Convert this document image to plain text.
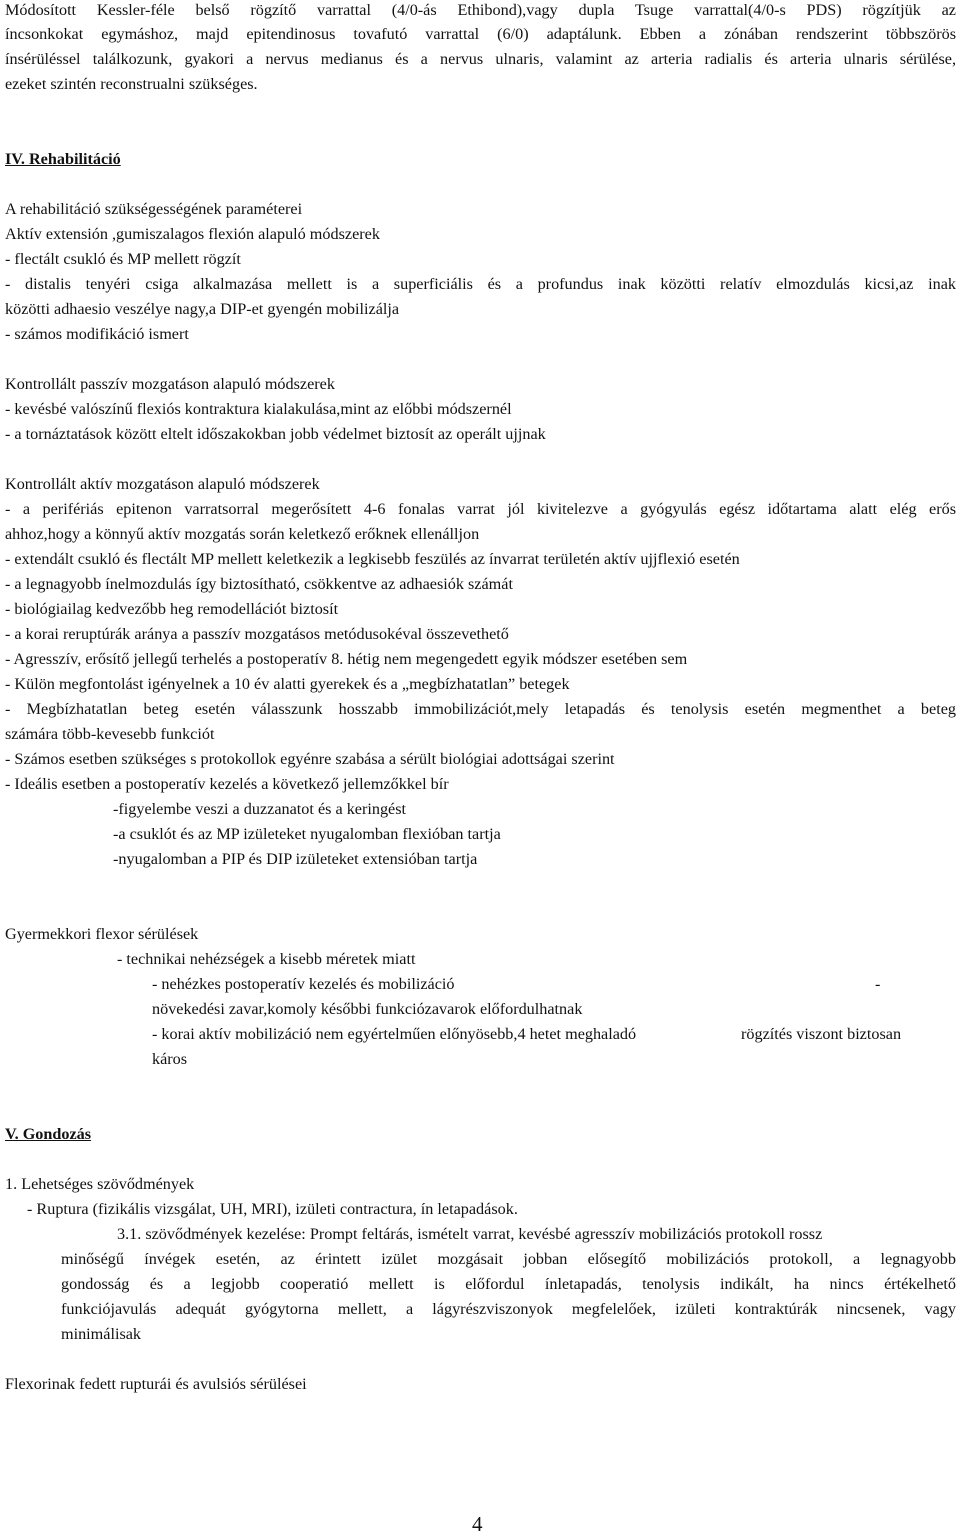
Módosított Kessler-féle belső rögzítő varrattal (4/0-ás Ethibond),vagy dupla Tsuge varrattal(4/0-s PDS) rögzítjük az
íncsonkokat egymáshoz, majd epitendinosus tovafutó varrattal (6/0) adaptálunk. Ebben a zónában rendszerint többszörös
ínsérüléssel találkozunk, gyakori a nervus medianus és a nervus ulnaris, valamint az arteria radialis és arteria ulnaris sérülése,
ezeket szintén reconstrualni szükséges.
IV. Rehabilitáció
A rehabilitáció szükségességének paraméterei
Aktív extensión ,gumiszalagos flexión alapuló módszerek
- flectált csukló és MP mellett rögzít
- distalis tenyéri csiga alkalmazása mellett is a superficiális és a profundus inak közötti relatív elmozdulás kicsi,az inak
közötti adhaesio veszélye nagy,a DIP-et gyengén mobilizálja
- számos modifikáció ismert
Kontrollált passzív mozgatáson alapuló módszerek
- kevésbé valószínű flexiós kontraktura kialakulása,mint az előbbi módszernél
- a tornáztatások között eltelt időszakokban jobb védelmet biztosít az operált ujjnak
Kontrollált aktív mozgatáson alapuló módszerek
- a perifériás epitenon varratsorral megerősített 4-6 fonalas varrat jól kivitelezve a gyógyulás egész időtartama alatt elég erős
ahhoz,hogy a könnyű aktív mozgatás során keletkező erőknek ellenálljon
- extendált csukló és flectált MP mellett keletkezik a legkisebb feszülés az ínvarrat területén aktív ujjflexió esetén
- a legnagyobb ínelmozdulás így biztosítható, csökkentve az adhaesiók számát
- biológiailag kedvezőbb heg remodellációt biztosít
- a korai reruptúrák aránya a passzív mozgatásos metódusokéval összevethető
- Agresszív, erősítő jellegű terhelés a postoperatív 8. hétig nem megengedett egyik módszer esetében sem
- Külön megfontolást igényelnek a 10 év alatti gyerekek és a „megbízhatatlan” betegek
- Megbízhatatlan beteg esetén válasszunk hosszabb immobilizációt,mely letapadás és tenolysis esetén megmenthet a beteg
számára több-kevesebb funkciót
- Számos esetben szükséges s protokollok egyénre szabása a sérült biológiai adottságai szerint
- Ideális esetben a postoperatív kezelés a következő jellemzőkkel bír
-figyelembe veszi a duzzanatot és a keringést
-a csuklót és az MP izületeket nyugalomban flexióban tartja
-nyugalomban a PIP és DIP izületeket extensióban tartja
Gyermekkori flexor sérülések
- technikai nehézségek a kisebb méretek miatt
- nehézkes postoperatív kezelés és mobilizáció	-
növekedési zavar,komoly későbbi funkciózavarok előfordulhatnak
- korai aktív mobilizáció nem egyértelműen előnyösebb,4 hetet meghaladó	rögzítés viszont biztosan
káros
V. Gondozás
1. Lehetséges szövődmények
- Ruptura (fizikális vizsgálat, UH, MRI), izületi contractura, ín letapadások.
3.1. szövődmények kezelése: Prompt feltárás, ismételt varrat, kevésbé agresszív mobilizációs protokoll rossz
minőségű ínvégek esetén, az érintett izület mozgásait jobban elősegítő mobilizációs protokoll, a legnagyobb
gondosság és a legjobb cooperatió mellett is előfordul ínletapadás, tenolysis indikált, ha nincs értékelhető
funkciójavulás adequát gyógytorna mellett, a lágyrészviszonyok megfelelőek, izületi kontraktúrák nincsenek, vagy
minimálisak
Flexorinak fedett rupturái és avulsiós sérülései
4
